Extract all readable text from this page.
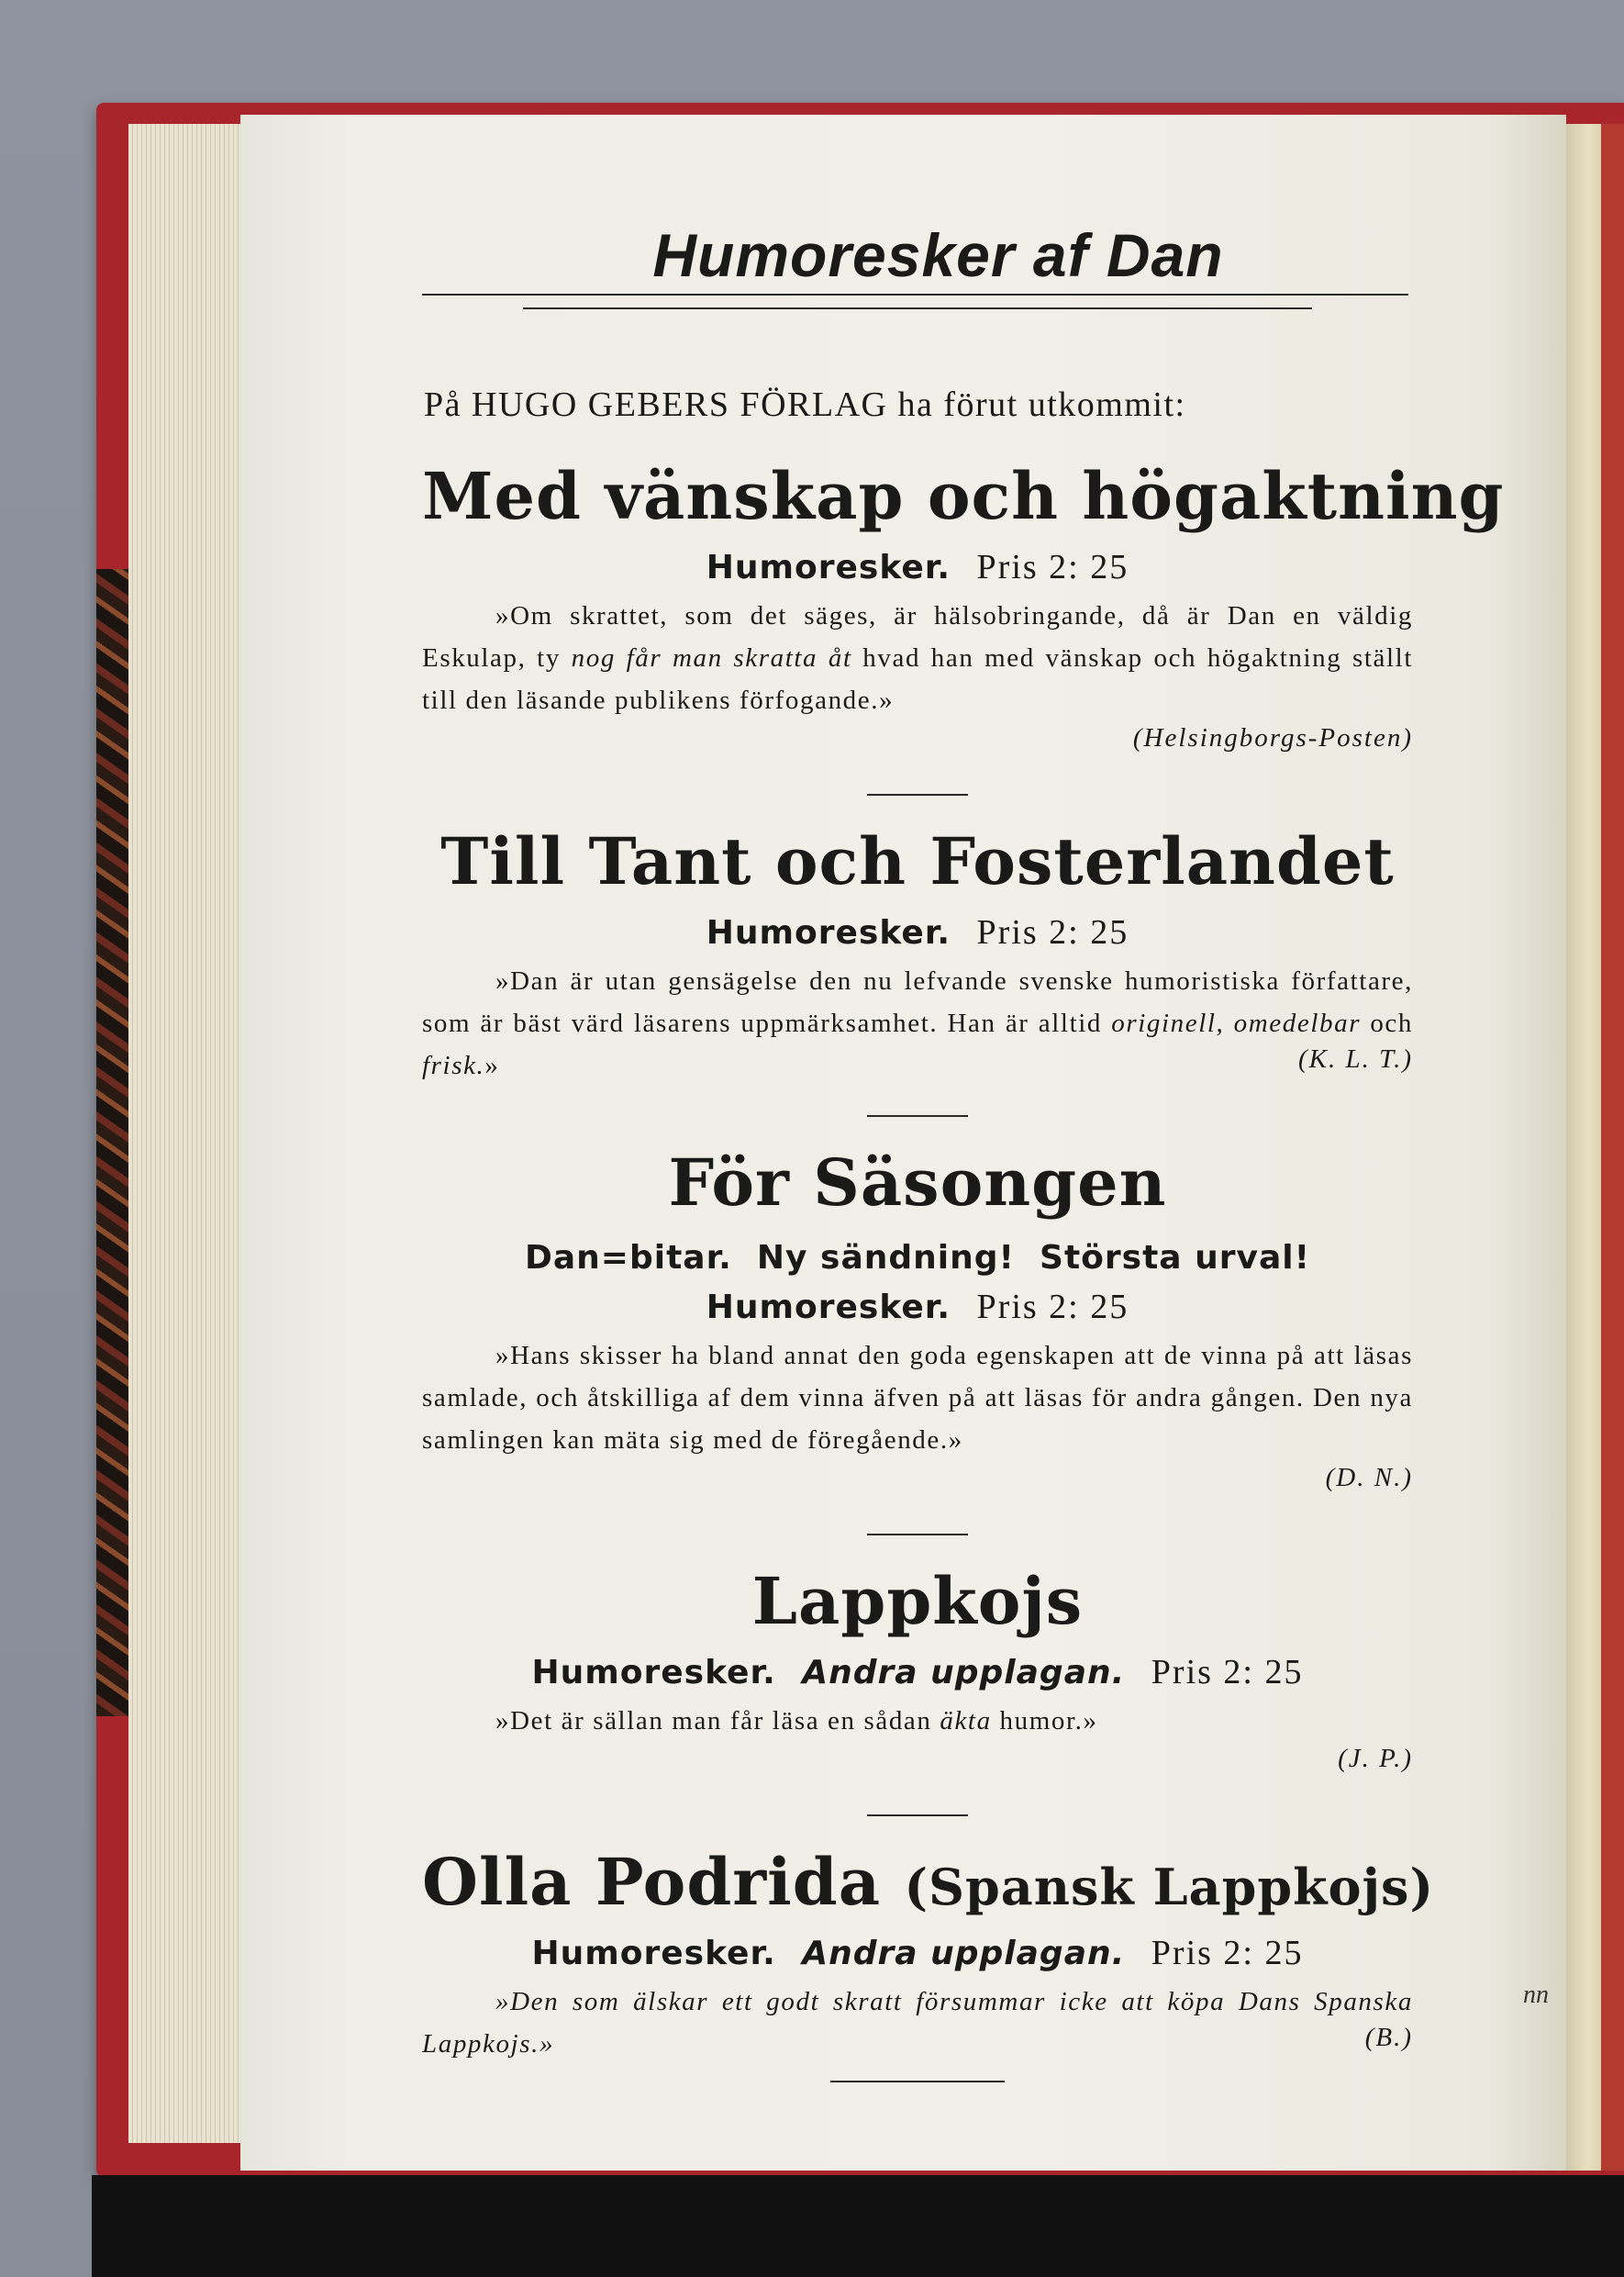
Humoresker af Dan
På HUGO GEBERS FÖRLAG ha förut utkommit:
Med vänskap och högaktning
Humoresker. Pris 2: 25
»Om skrattet, som det säges, är hälsobringande, då är Dan en väldig Eskulap, ty nog får man skratta åt hvad han med vänskap och högaktning ställt till den läsande publikens förfogande.»
(Helsingborgs-Posten)
Till Tant och Fosterlandet
Humoresker. Pris 2: 25
»Dan är utan gensägelse den nu lefvande svenske humoristiska författare, som är bäst värd läsarens uppmärksamhet. Han är alltid originell, omedelbar och frisk.»	(K. L. T.)
För Säsongen
Dan=bitar.  Ny sändning!  Största urval!
Humoresker. Pris 2: 25
»Hans skisser ha bland annat den goda egenskapen att de vinna på att läsas samlade, och åtskilliga af dem vinna äfven på att läsas för andra gången. Den nya samlingen kan mäta sig med de föregående.»
(D. N.)
Lappkojs
Humoresker. Andra upplagan. Pris 2: 25
»Det är sällan man får läsa en sådan äkta humor.»
(J. P.)
Olla Podrida (Spansk Lappkojs)
Humoresker. Andra upplagan. Pris 2: 25
»Den som älskar ett godt skratt försummar icke att köpa Dans Spanska Lappkojs.»	(B.)
nn
